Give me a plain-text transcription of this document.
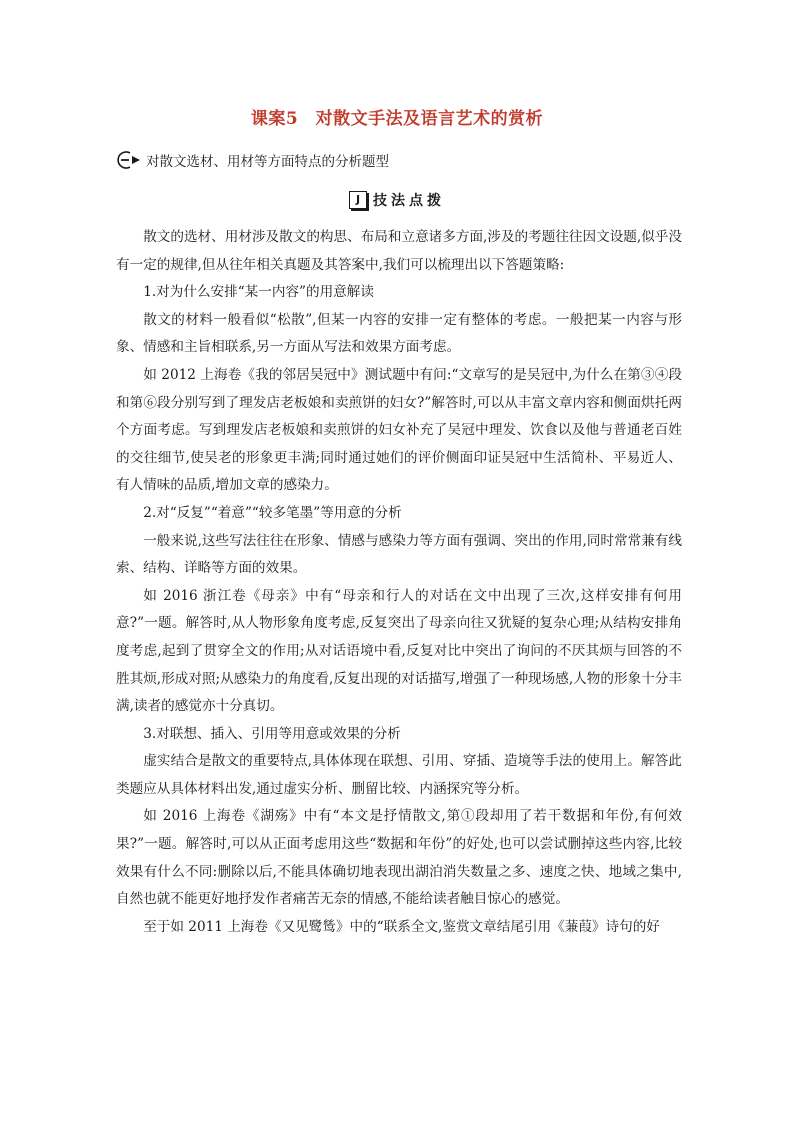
课案5　对散文手法及语言艺术的赏析
对散文选材、用材等方面特点的分析题型
J 技法点拨

散文的选材、用材涉及散文的构思、布局和立意诸多方面,涉及的考题往往因文设题,似乎没有一定的规律,但从往年相关真题及其答案中,我们可以梳理出以下答题策略:

1.对为什么安排“某一内容”的用意解读

散文的材料一般看似“松散”,但某一内容的安排一定有整体的考虑。一般把某一内容与形象、情感和主旨相联系,另一方面从写法和效果方面考虑。

如 2012 上海卷《我的邻居吴冠中》测试题中有问:“文章写的是吴冠中,为什么在第③④段和第⑥段分别写到了理发店老板娘和卖煎饼的妇女?”解答时,可以从丰富文章内容和侧面烘托两个方面考虑。写到理发店老板娘和卖煎饼的妇女补充了吴冠中理发、饮食以及他与普通老百姓的交往细节,使吴老的形象更丰满;同时通过她们的评价侧面印证吴冠中生活简朴、平易近人、有人情味的品质,增加文章的感染力。

2.对“反复”“着意”“较多笔墨”等用意的分析

一般来说,这些写法往往在形象、情感与感染力等方面有强调、突出的作用,同时常常兼有线索、结构、详略等方面的效果。

如 2016 浙江卷《母亲》中有“母亲和行人的对话在文中出现了三次,这样安排有何用意?”一题。解答时,从人物形象角度考虑,反复突出了母亲向往又犹疑的复杂心理;从结构安排角度考虑,起到了贯穿全文的作用;从对话语境中看,反复对比中突出了询问的不厌其烦与回答的不胜其烦,形成对照;从感染力的角度看,反复出现的对话描写,增强了一种现场感,人物的形象十分丰满,读者的感觉亦十分真切。

3.对联想、插入、引用等用意或效果的分析

虚实结合是散文的重要特点,具体体现在联想、引用、穿插、造境等手法的使用上。解答此类题应从具体材料出发,通过虚实分析、删留比较、内涵探究等分析。

如 2016 上海卷《湖殇》中有“本文是抒情散文,第①段却用了若干数据和年份,有何效果?”一题。解答时,可以从正面考虑用这些“数据和年份”的好处,也可以尝试删掉这些内容,比较效果有什么不同:删除以后,不能具体确切地表现出湖泊消失数量之多、速度之快、地域之集中,自然也就不能更好地抒发作者痛苦无奈的情感,不能给读者触目惊心的感觉。

至于如 2011 上海卷《又见鹭鸶》中的“联系全文,鉴赏文章结尾引用《蒹葭》诗句的好
